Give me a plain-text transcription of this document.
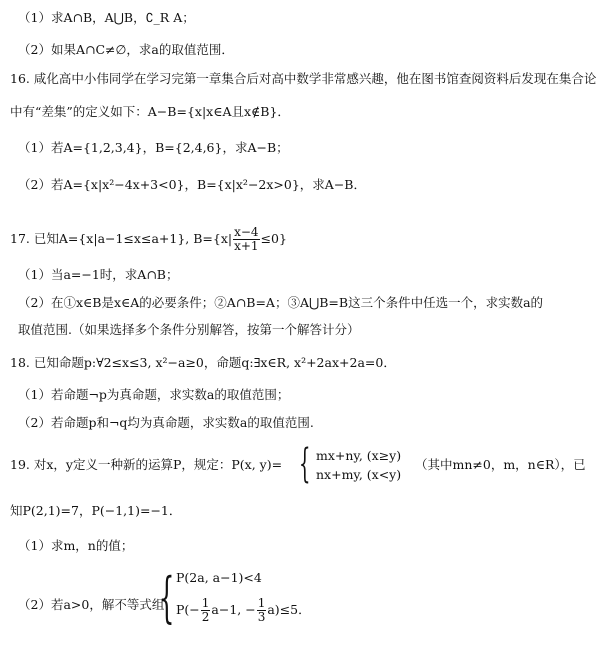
（1）求A∩B，A⋃B，∁_R A；
（2）如果A∩C≠∅，求a的取值范围．
16. 咸化高中小伟同学在学习完第一章集合后对高中数学非常感兴趣，他在图书馆查阅资料后发现在集合论
中有“差集”的定义如下：A−B={x|x∈A且x∉B}．
（1）若A={1,2,3,4}，B={2,4,6}，求A−B；
（2）若A={x|x²−4x+3<0}，B={x|x²−2x>0}，求A−B．
17. 已知A={x|a−1≤x≤a+1}, $B=\{x| \frac{x-4}{x+1} \le 0\}$
（1）当a=−1时，求A∩B；
（2）在①x∈B是x∈A的必要条件；②A∩B=A；③A⋃B=B这三个条件中任选一个，求实数a的
取值范围.（如果选择多个条件分别解答，按第一个解答计分）
18. 已知命题p:∀2≤x≤3, x²−a≥0，命题q:∃x∈R, x²+2ax+2a=0．
（1）若命题¬p为真命题，求实数a的取值范围；
（2）若命题p和¬q均为真命题，求实数a的取值范围.
19. 对x，y定义一种新的运算P，规定：P(x, y)= { mx+ny, (x≥y)
nx+my, (x<y)
（其中mn≠0，m，n∈R），已
知P(2,1)=7，P(−1,1)=−1．
（1）求m，n的值；
（2）若a>0，解不等式组
{ P(2a, a−1)<4
$P(- \frac{1}{2} a-1$, − $\frac{1}{3} a)\le 5$．
